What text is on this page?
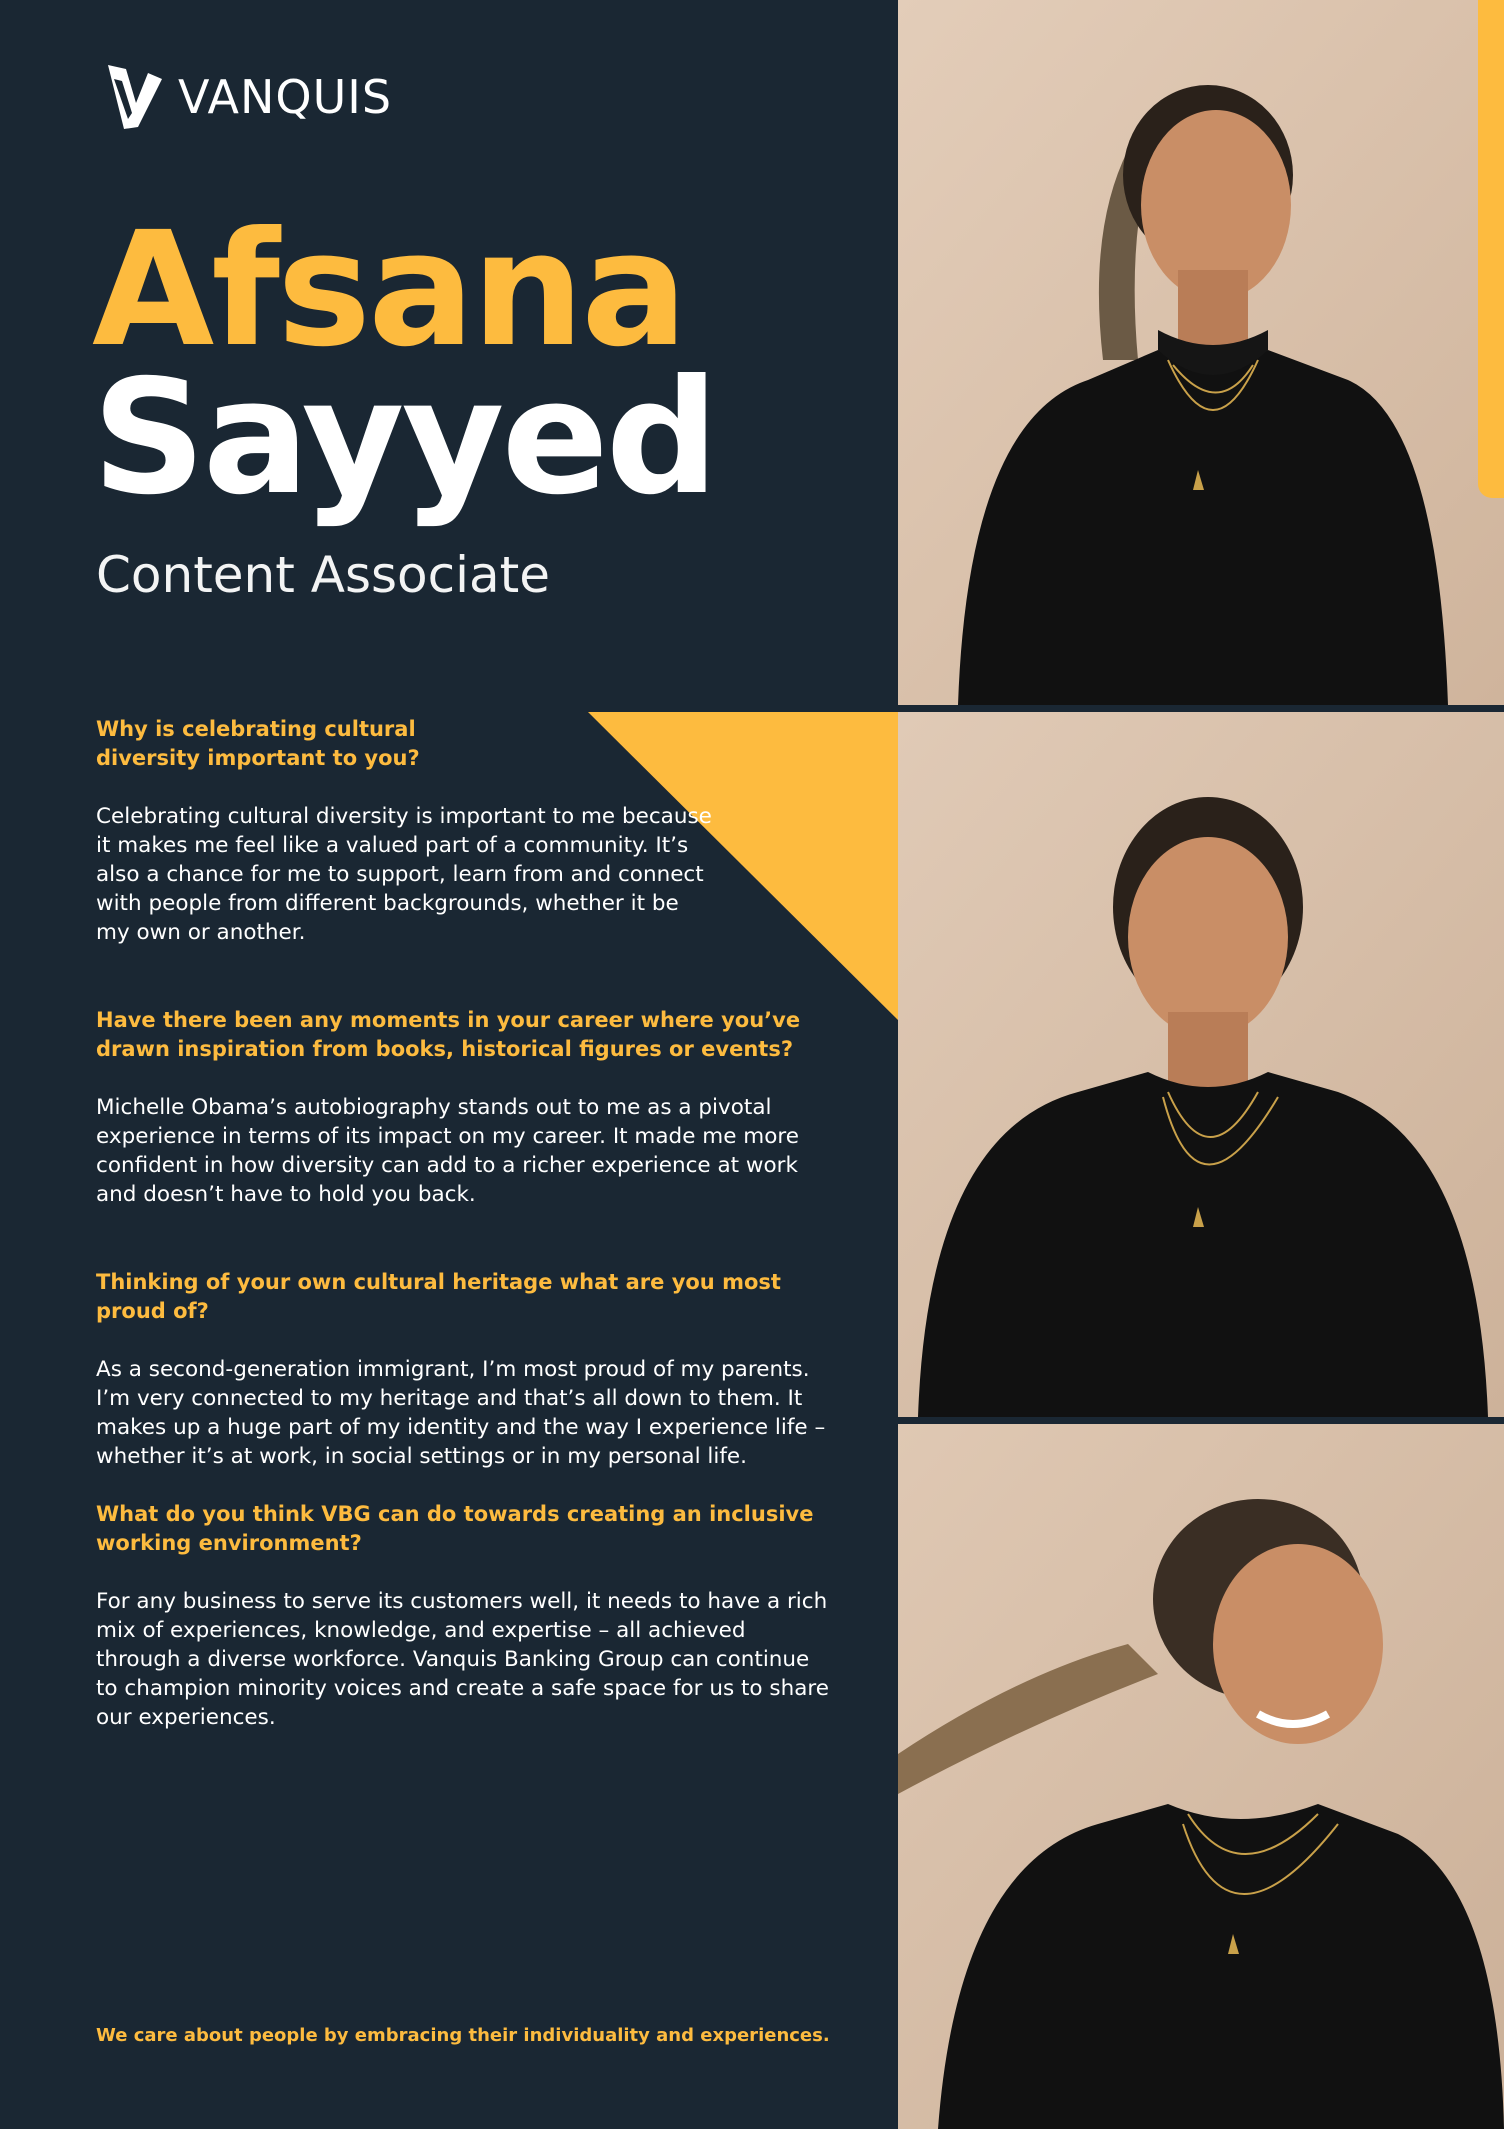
VANQUIS
Afsana
Sayyed
Content Associate
Why is celebrating cultural diversity important to you?
Celebrating cultural diversity is important to me because it makes me feel like a valued part of a community. It’s also a chance for me to support, learn from and connect with people from different backgrounds, whether it be my own or another.
Have there been any moments in your career where you’ve drawn inspiration from books, historical figures or events?
Michelle Obama’s autobiography stands out to me as a pivotal experience in terms of its impact on my career. It made me more confident in how diversity can add to a richer experience at work and doesn’t have to hold you back.
Thinking of your own cultural heritage what are you most proud of?
As a second-generation immigrant, I’m most proud of my parents. I’m very connected to my heritage and that’s all down to them. It makes up a huge part of my identity and the way I experience life – whether it’s at work, in social settings or in my personal life.
What do you think VBG can do towards creating an inclusive working environment?
For any business to serve its customers well, it needs to have a rich mix of experiences, knowledge, and expertise – all achieved through a diverse workforce. Vanquis Banking Group can continue to champion minority voices and create a safe space for us to share our experiences.
We care about people by embracing their individuality and experiences.
